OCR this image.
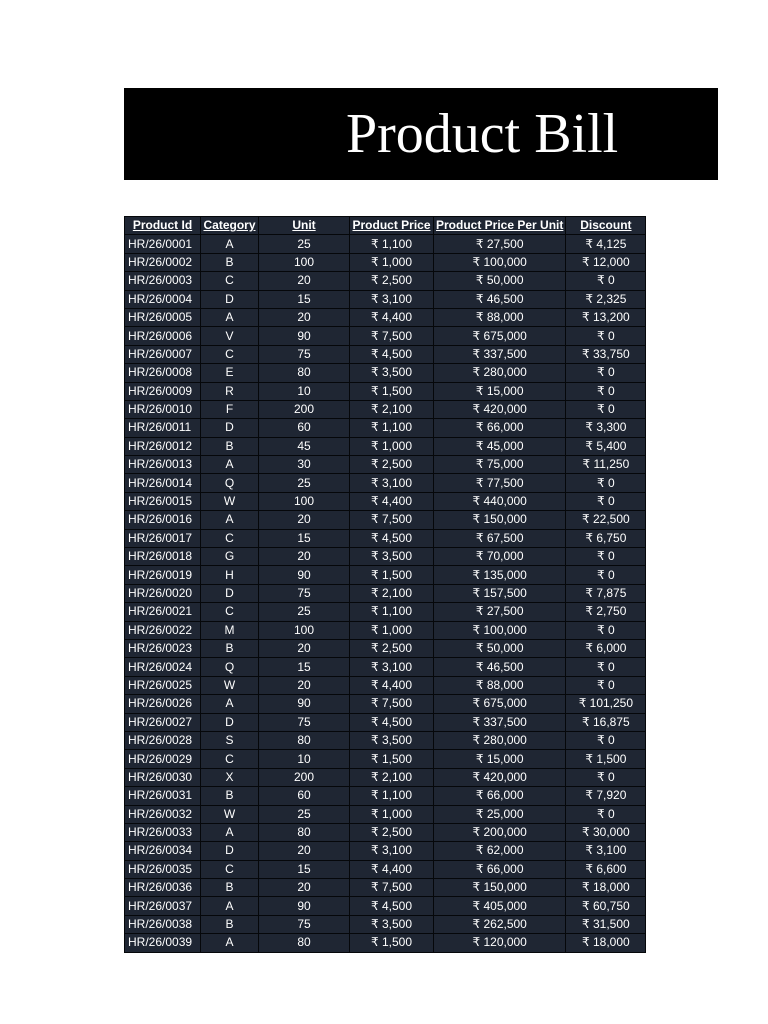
Product Bill
Product Id	Category	Unit	Product Price	Product Price Per Unit	Discount
HR/26/0001	A	25	₹ 1,100	₹ 27,500	₹ 4,125
HR/26/0002	B	100	₹ 1,000	₹ 100,000	₹ 12,000
HR/26/0003	C	20	₹ 2,500	₹ 50,000	₹ 0
HR/26/0004	D	15	₹ 3,100	₹ 46,500	₹ 2,325
HR/26/0005	A	20	₹ 4,400	₹ 88,000	₹ 13,200
HR/26/0006	V	90	₹ 7,500	₹ 675,000	₹ 0
HR/26/0007	C	75	₹ 4,500	₹ 337,500	₹ 33,750
HR/26/0008	E	80	₹ 3,500	₹ 280,000	₹ 0
HR/26/0009	R	10	₹ 1,500	₹ 15,000	₹ 0
HR/26/0010	F	200	₹ 2,100	₹ 420,000	₹ 0
HR/26/0011	D	60	₹ 1,100	₹ 66,000	₹ 3,300
HR/26/0012	B	45	₹ 1,000	₹ 45,000	₹ 5,400
HR/26/0013	A	30	₹ 2,500	₹ 75,000	₹ 11,250
HR/26/0014	Q	25	₹ 3,100	₹ 77,500	₹ 0
HR/26/0015	W	100	₹ 4,400	₹ 440,000	₹ 0
HR/26/0016	A	20	₹ 7,500	₹ 150,000	₹ 22,500
HR/26/0017	C	15	₹ 4,500	₹ 67,500	₹ 6,750
HR/26/0018	G	20	₹ 3,500	₹ 70,000	₹ 0
HR/26/0019	H	90	₹ 1,500	₹ 135,000	₹ 0
HR/26/0020	D	75	₹ 2,100	₹ 157,500	₹ 7,875
HR/26/0021	C	25	₹ 1,100	₹ 27,500	₹ 2,750
HR/26/0022	M	100	₹ 1,000	₹ 100,000	₹ 0
HR/26/0023	B	20	₹ 2,500	₹ 50,000	₹ 6,000
HR/26/0024	Q	15	₹ 3,100	₹ 46,500	₹ 0
HR/26/0025	W	20	₹ 4,400	₹ 88,000	₹ 0
HR/26/0026	A	90	₹ 7,500	₹ 675,000	₹ 101,250
HR/26/0027	D	75	₹ 4,500	₹ 337,500	₹ 16,875
HR/26/0028	S	80	₹ 3,500	₹ 280,000	₹ 0
HR/26/0029	C	10	₹ 1,500	₹ 15,000	₹ 1,500
HR/26/0030	X	200	₹ 2,100	₹ 420,000	₹ 0
HR/26/0031	B	60	₹ 1,100	₹ 66,000	₹ 7,920
HR/26/0032	W	25	₹ 1,000	₹ 25,000	₹ 0
HR/26/0033	A	80	₹ 2,500	₹ 200,000	₹ 30,000
HR/26/0034	D	20	₹ 3,100	₹ 62,000	₹ 3,100
HR/26/0035	C	15	₹ 4,400	₹ 66,000	₹ 6,600
HR/26/0036	B	20	₹ 7,500	₹ 150,000	₹ 18,000
HR/26/0037	A	90	₹ 4,500	₹ 405,000	₹ 60,750
HR/26/0038	B	75	₹ 3,500	₹ 262,500	₹ 31,500
HR/26/0039	A	80	₹ 1,500	₹ 120,000	₹ 18,000
